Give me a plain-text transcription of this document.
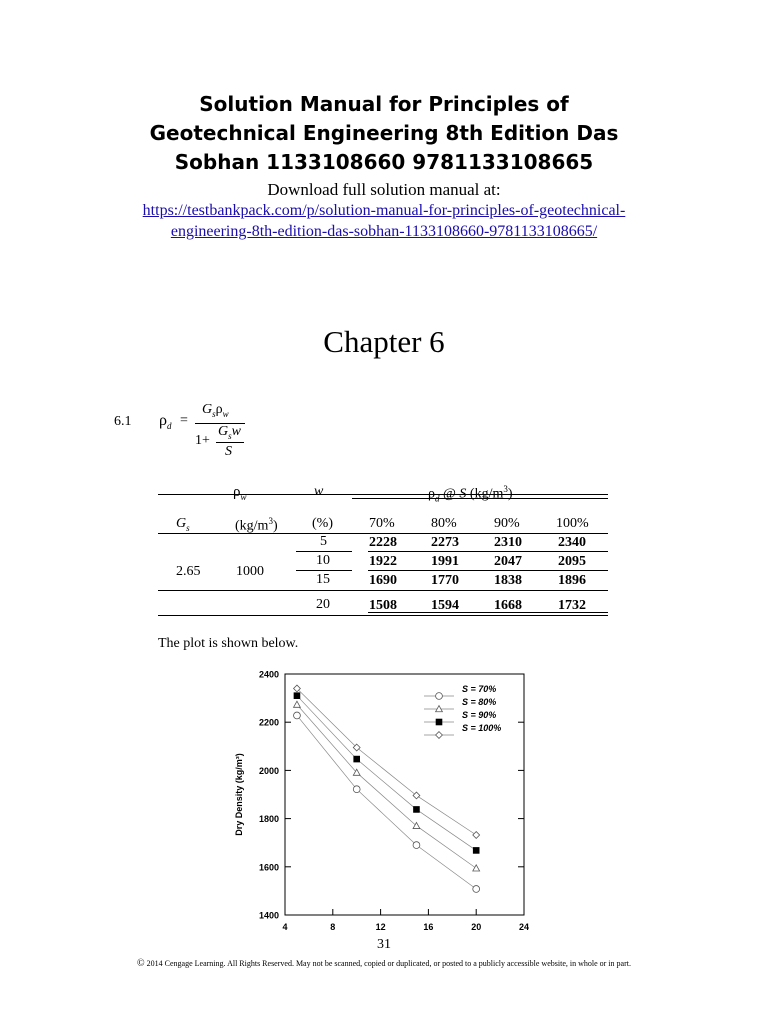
Solution Manual for Principles of
Geotechnical Engineering 8th Edition Das
Sobhan 1133108660 9781133108665
Download full solution manual at:
https://testbankpack.com/p/solution-manual-for-principles-of-geotechnical-
engineering-8th-edition-das-sobhan-1133108660-9781133108665/
Chapter 6
6.1 $\rho_d$ =
$G_s\rho_w$
$G_sw$
1+
S
$\rho_w$	w	$\rho_d$ @ S $(kg/m^3)$
$G_s$	$(kg/m^3)$ (%)	70%	80%	90%	100%
2.65	1000
5	2228 2273	2310	2340
10	1922 1991	2047	2095
15	1690 1770	1838	1896
20	1508 1594	1668	1732
The plot is shown below.
2400
2200
2000
1800
1600
1400
4	8	12	16	20	24
Dry Density (kg/m³)
S = 70%
S = 80%
S = 90%
S = 100%
31
© 2014 Cengage Learning. All Rights Reserved. May not be scanned, copied or duplicated, or posted to a publicly accessible website, in whole or in part.
